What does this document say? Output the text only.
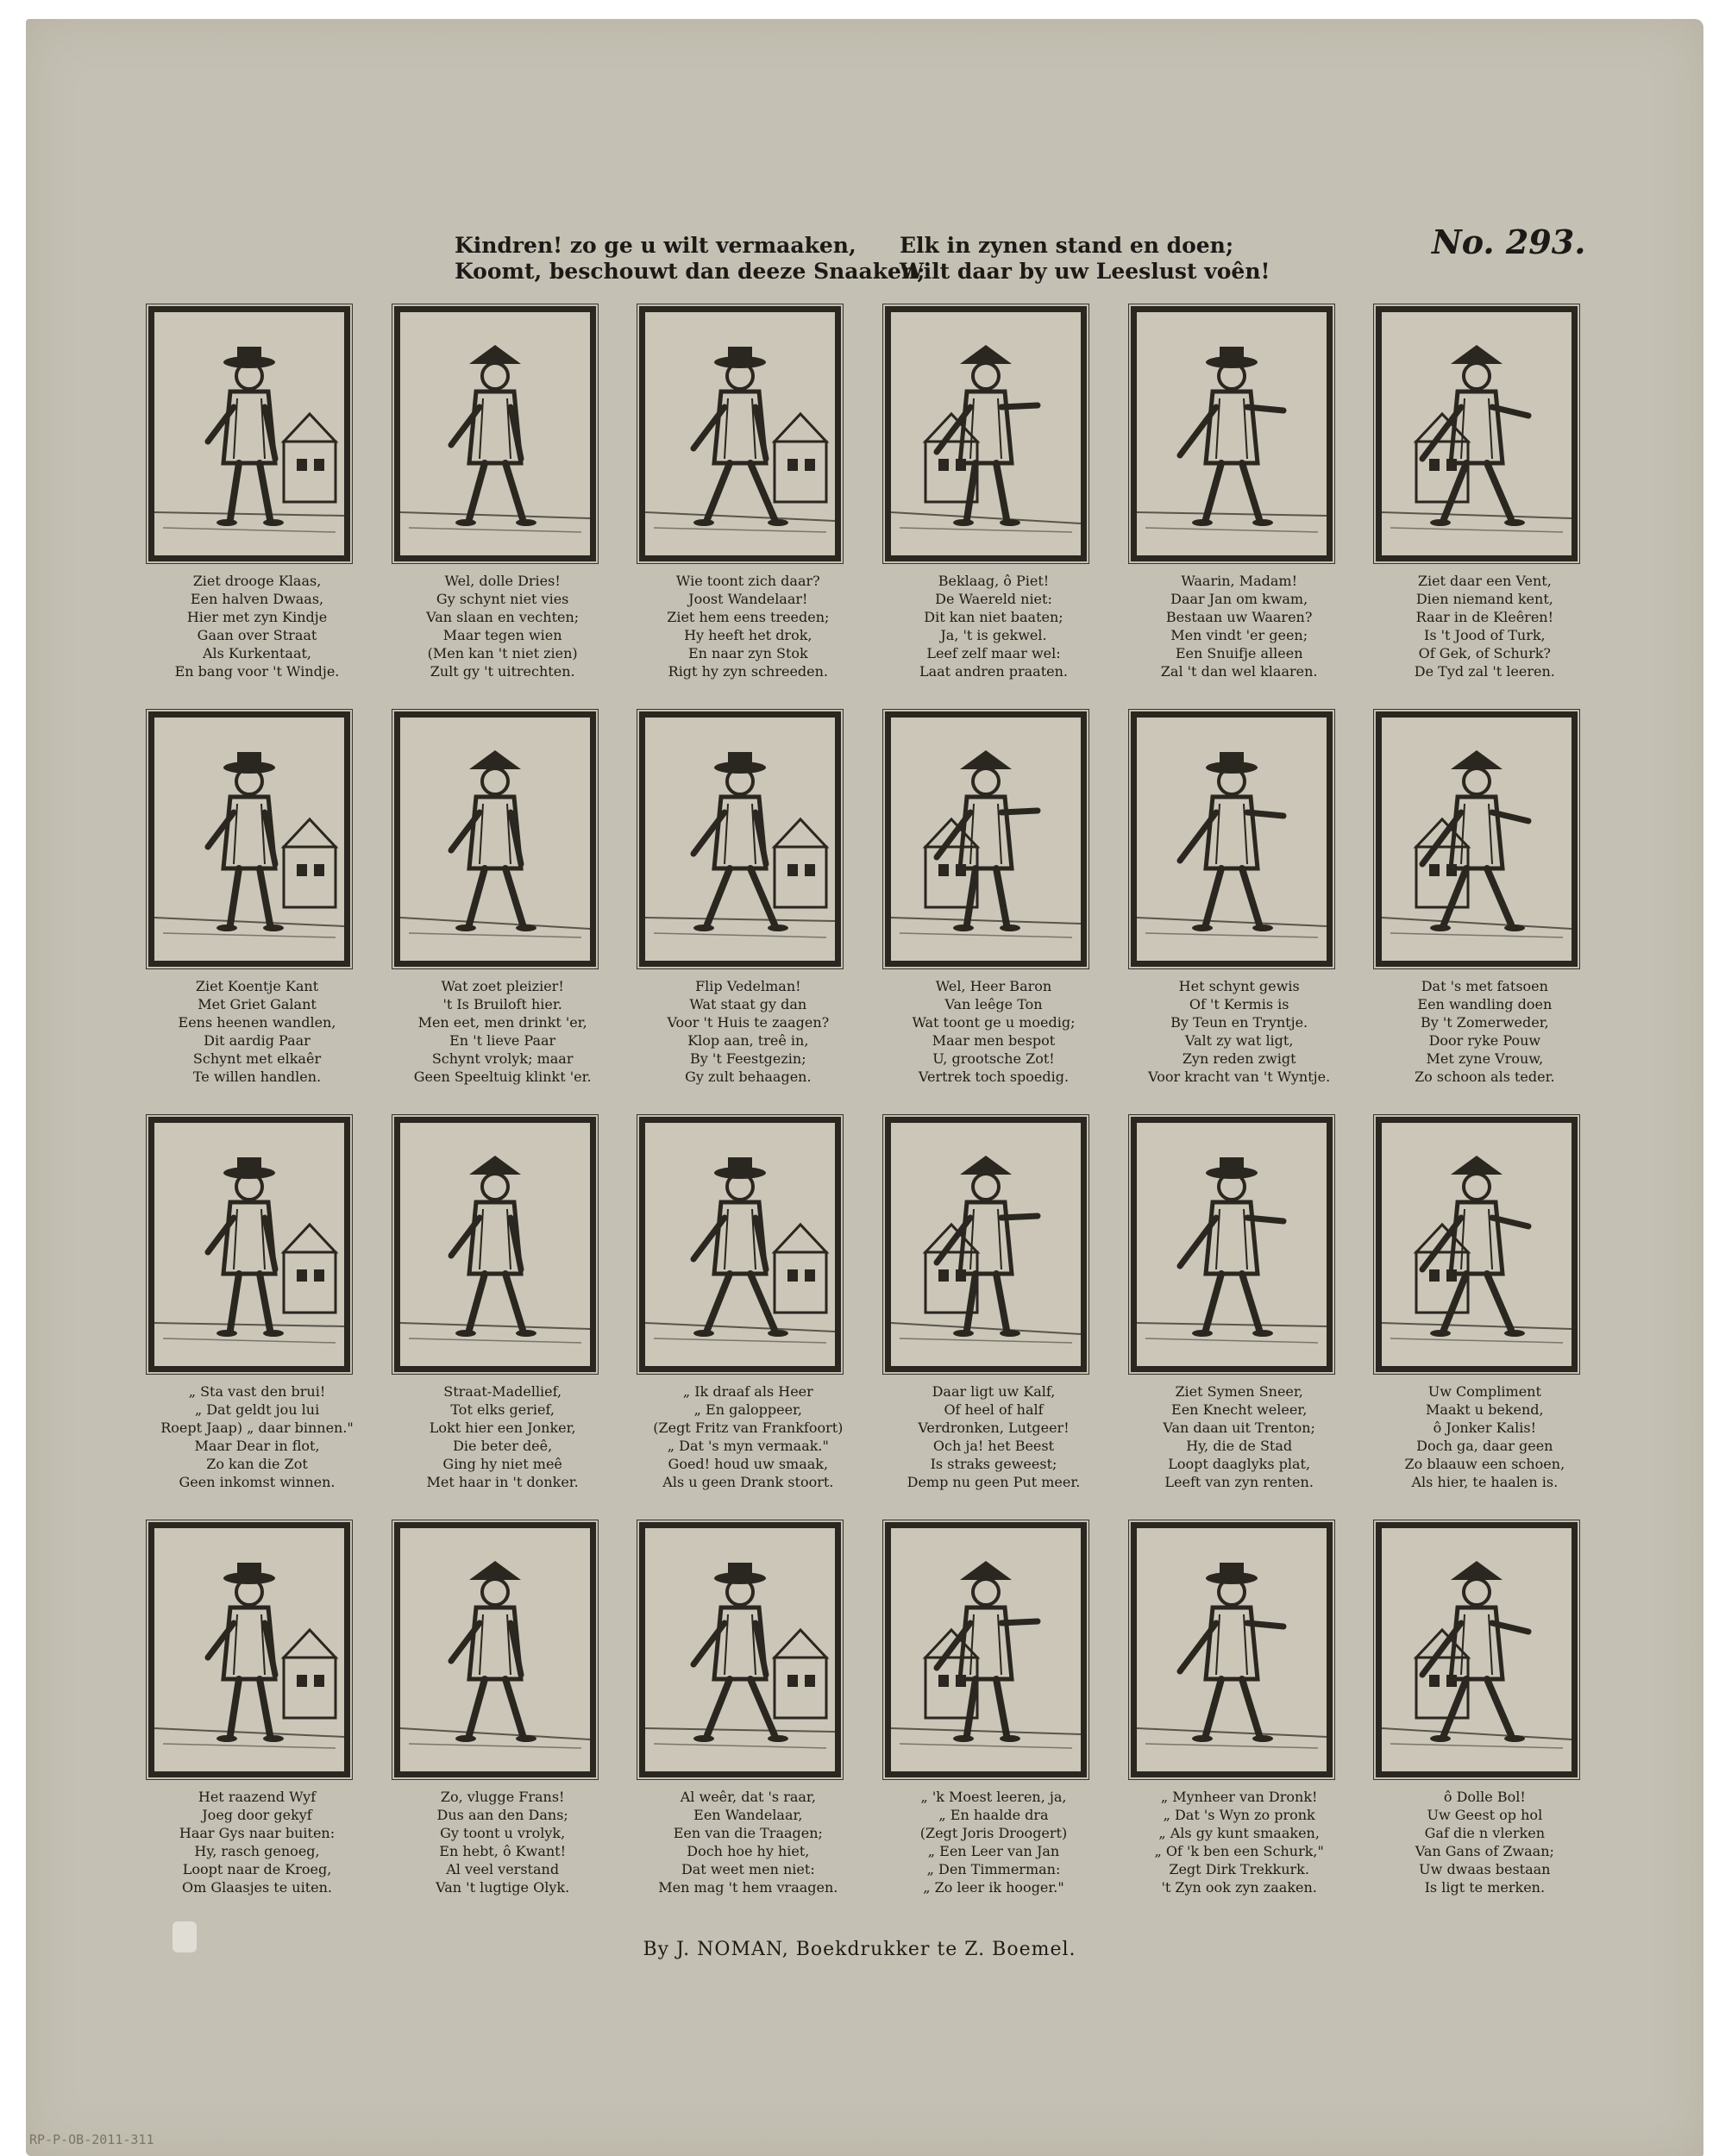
Kindren! zo ge u wilt vermaaken,
Koomt, beschouwt dan deeze Snaaken;
Elk in zynen stand en doen;
Wilt daar by uw Leeslust voên!
No. 293.
Ziet drooge Klaas,
Een halven Dwaas,
Hier met zyn Kindje
Gaan over Straat
Als Kurkentaat,
En bang voor 't Windje.
Wel, dolle Dries!
Gy schynt niet vies
Van slaan en vechten;
Maar tegen wien
(Men kan 't niet zien)
Zult gy 't uitrechten.
Wie toont zich daar?
Joost Wandelaar!
Ziet hem eens treeden;
Hy heeft het drok,
En naar zyn Stok
Rigt hy zyn schreeden.
Beklaag, ô Piet!
De Waereld niet:
Dit kan niet baaten;
Ja, 't is gekwel.
Leef zelf maar wel:
Laat andren praaten.
Waarin, Madam!
Daar Jan om kwam,
Bestaan uw Waaren?
Men vindt 'er geen;
Een Snuifje alleen
Zal 't dan wel klaaren.
Ziet daar een Vent,
Dien niemand kent,
Raar in de Kleêren!
Is 't Jood of Turk,
Of Gek, of Schurk?
De Tyd zal 't leeren.
Ziet Koentje Kant
Met Griet Galant
Eens heenen wandlen,
Dit aardig Paar
Schynt met elkaêr
Te willen handlen.
Wat zoet pleizier!
't Is Bruiloft hier.
Men eet, men drinkt 'er,
En 't lieve Paar
Schynt vrolyk; maar
Geen Speeltuig klinkt 'er.
Flip Vedelman!
Wat staat gy dan
Voor 't Huis te zaagen?
Klop aan, treê in,
By 't Feestgezin;
Gy zult behaagen.
Wel, Heer Baron
Van leêge Ton
Wat toont ge u moedig;
Maar men bespot
U, grootsche Zot!
Vertrek toch spoedig.
Het schynt gewis
Of 't Kermis is
By Teun en Tryntje.
Valt zy wat ligt,
Zyn reden zwigt
Voor kracht van 't Wyntje.
Dat 's met fatsoen
Een wandling doen
By 't Zomerweder,
Door ryke Pouw
Met zyne Vrouw,
Zo schoon als teder.
„ Sta vast den brui!
„ Dat geldt jou lui
Roept Jaap) „ daar binnen."
Maar Dear in flot,
Zo kan die Zot
Geen inkomst winnen.
Straat-Madellief,
Tot elks gerief,
Lokt hier een Jonker,
Die beter deê,
Ging hy niet meê
Met haar in 't donker.
„ Ik draaf als Heer
„ En galoppeer,
(Zegt Fritz van Frankfoort)
„ Dat 's myn vermaak."
Goed! houd uw smaak,
Als u geen Drank stoort.
Daar ligt uw Kalf,
Of heel of half
Verdronken, Lutgeer!
Och ja! het Beest
Is straks geweest;
Demp nu geen Put meer.
Ziet Symen Sneer,
Een Knecht weleer,
Van daan uit Trenton;
Hy, die de Stad
Loopt daaglyks plat,
Leeft van zyn renten.
Uw Compliment
Maakt u bekend,
ô Jonker Kalis!
Doch ga, daar geen
Zo blaauw een schoen,
Als hier, te haalen is.
Het raazend Wyf
Joeg door gekyf
Haar Gys naar buiten:
Hy, rasch genoeg,
Loopt naar de Kroeg,
Om Glaasjes te uiten.
Zo, vlugge Frans!
Dus aan den Dans;
Gy toont u vrolyk,
En hebt, ô Kwant!
Al veel verstand
Van 't lugtige Olyk.
Al weêr, dat 's raar,
Een Wandelaar,
Een van die Traagen;
Doch hoe hy hiet,
Dat weet men niet:
Men mag 't hem vraagen.
„ 'k Moest leeren, ja,
„ En haalde dra
(Zegt Joris Droogert)
„ Een Leer van Jan
„ Den Timmerman:
„ Zo leer ik hooger."
„ Mynheer van Dronk!
„ Dat 's Wyn zo pronk
„ Als gy kunt smaaken,
„ Of 'k ben een Schurk,"
Zegt Dirk Trekkurk.
't Zyn ook zyn zaaken.
ô Dolle Bol!
Uw Geest op hol
Gaf die n vlerken
Van Gans of Zwaan;
Uw dwaas bestaan
Is ligt te merken.
By J. NOMAN, Boekdrukker te Z. Boemel.
RP-P-OB-2011-311
